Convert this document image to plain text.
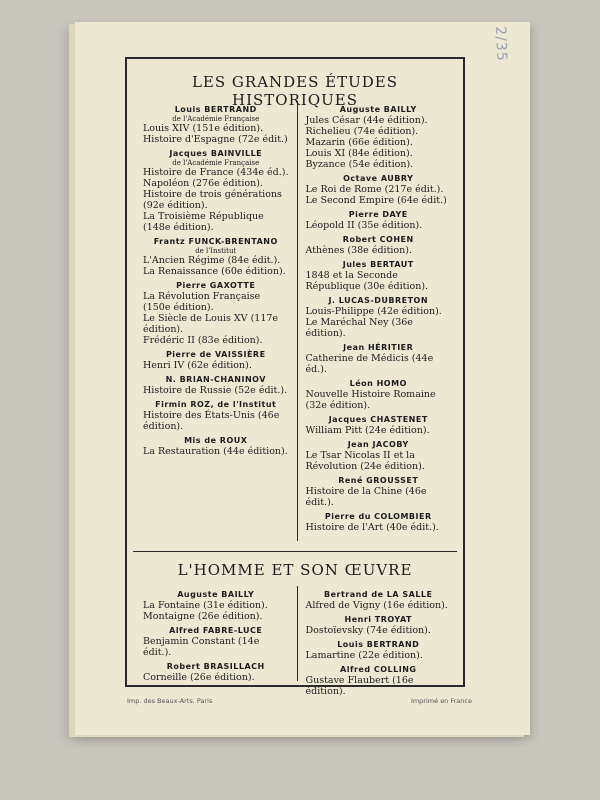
2/35
LES GRANDES ÉTUDES HISTORIQUES
Louis BERTRAND
de l'Académie Française
Louis XIV (151e édition).
Histoire d'Espagne (72e édit.)
Jacques BAINVILLE
de l'Académie Française
Histoire de France (434e éd.).
Napoléon (276e édition).
Histoire de trois générations (92e édition).
La Troisième République (148e édition).
Frantz FUNCK-BRENTANO
de l'Institut
L'Ancien Régime (84e édit.).
La Renaissance (60e édition).
Pierre GAXOTTE
La Révolution Française (150e édition).
Le Siècle de Louis XV (117e édition).
Frédéric II (83e édition).
Pierre de VAISSIÈRE
Henri IV (62e édition).
N. BRIAN-CHANINOV
Histoire de Russie (52e édit.).
Firmin ROZ, de l'Institut
Histoire des États-Unis (46e édition).
Mis de ROUX
La Restauration (44e édition).
Auguste BAILLY
Jules César (44e édition).
Richelieu (74e édition).
Mazarin (66e édition).
Louis XI (84e édition).
Byzance (54e édition).
Octave AUBRY
Le Roi de Rome (217e édit.).
Le Second Empire (64e édit.)
Pierre DAYE
Léopold II (35e édition).
Robert COHEN
Athènes (38e édition).
Jules BERTAUT
1848 et la Seconde République (30e édition).
J. LUCAS-DUBRETON
Louis-Philippe (42e édition).
Le Maréchal Ney (36e édition).
Jean HÉRITIER
Catherine de Médicis (44e éd.).
Léon HOMO
Nouvelle Histoire Romaine (32e édition).
Jacques CHASTENET
William Pitt (24e édition).
Jean JACOBY
Le Tsar Nicolas II et la Révolution (24e édition).
René GROUSSET
Histoire de la Chine (46e édit.).
Pierre du COLOMBIER
Histoire de l'Art (40e édit.).
L'HOMME ET SON ŒUVRE
Auguste BAILLY
La Fontaine (31e édition).
Montaigne (26e édition).
Alfred FABRE-LUCE
Benjamin Constant (14e édit.).
Robert BRASILLACH
Corneille (26e édition).
Bertrand de LA SALLE
Alfred de Vigny (16e édition).
Henri TROYAT
Dostoïevsky (74e édition).
Louis BERTRAND
Lamartine (22e édition).
Alfred COLLING
Gustave Flaubert (16e édition).
Imp. des Beaux-Arts, Paris	Imprimé en France
